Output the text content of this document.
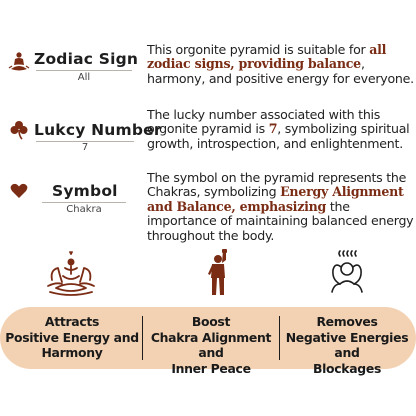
Zodiac Sign
All
This orgonite pyramid is suitable for all zodiac signs, providing balance, harmony, and positive energy for everyone.
Lukcy Number
7
The lucky number associated with this orgonite pyramid is 7, symbolizing spiritual growth, introspection, and enlightenment.
Symbol
Chakra
The symbol on the pyramid represents the Chakras, symbolizing Energy Alignment and Balance, emphasizing the importance of maintaining balanced energy throughout the body.
Attracts
Positive Energy and
Harmony
Boost
Chakra Alignment and
Inner Peace
Removes
Negative Energies and
Blockages
